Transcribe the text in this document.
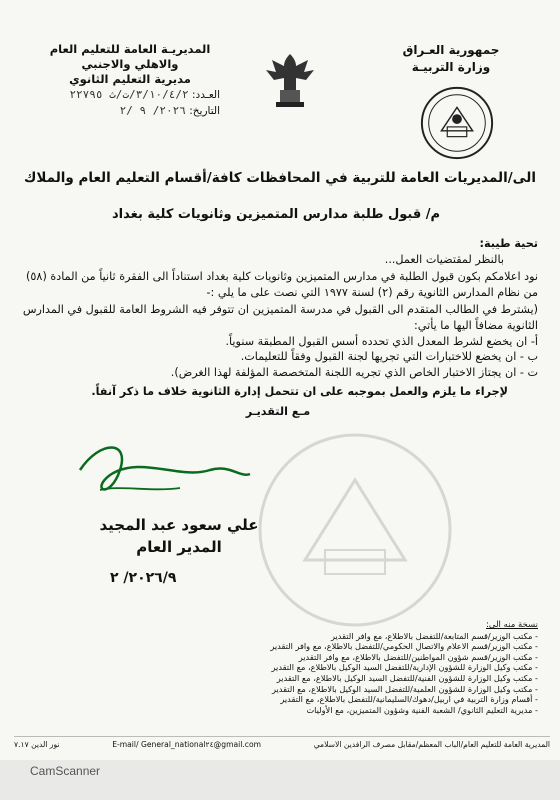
جمهورية العـراق
وزارة التربيـة
المديريـة العامة للتعليم العام
والاهلي والاجنبي
مديرية التعليم الثانوي
العـدد: ٣/١٠/٤/٢/ت/ث ٢٢٧٩٥
التاريخ: ٢٠٢٦/ ٩ /٢
الى/المديريات العامة للتربية في المحافظات كافة/أقسام التعليم العام والملاك
م/ قبول طلبة مدارس المتميزين وثانويات كلية بغداد

تحية طيبة:

بالنظر لمقتضيات العمل...

نود اعلامكم بكون قبول الطلبة في مدارس المتميزين وثانويات كلية بغداد استناداً الى الفقرة ثانياً من المادة (٥٨) من نظام المدارس الثانوية رقم (٢) لسنة ١٩٧٧ التي نصت على ما يلي :-

(يشترط في الطالب المتقدم الى القبول في مدرسة المتميزين ان تتوفر فيه الشروط العامة للقبول في المدارس الثانوية مضافاً اليها ما يأتي:

أ- ان يخضع لشرط المعدل الذي تحدده أسس القبول المطبقة سنوياً.

ب - ان يخضع للاختبارات التي تجريها لجنة القبول وفقاً للتعليمات.

ت - ان يجتاز الاختبار الخاص الذي تجريه اللجنة المتخصصة المؤلفة لهذا الغرض).

لإجراء ما يلزم والعمل بموجبه على ان تتحمل إدارة الثانوية خلاف ما ذكر آنفاً.

مـع التقديـر

علي سعود عبد المجيد
المدير العام
٢٠٢٦/٩/ ٢
نسخة منه الى:
- مكتب الوزير/قسم المتابعة/للتفضل بالاطلاع، مع وافر التقدير
- مكتب الوزير/قسم الاعلام والاتصال الحكومي/للتفضل بالاطلاع، مع وافر التقدير
- مكتب الوزير/قسم شؤون المواطنين/للتفضل بالاطلاع، مع وافر التقدير
- مكتب وكيل الوزارة للشؤون الإدارية/للتفضل السيد الوكيل بالاطلاع، مع التقدير
- مكتب وكيل الوزارة للشؤون الفنية/للتفضل السيد الوكيل بالاطلاع، مع التقدير
- مكتب وكيل الوزارة للشؤون العلمية/للتفضل السيد الوكيل بالاطلاع، مع التقدير
- أقسام وزارة التربية في اربيل/دهوك/السليمانية/للتفضل بالاطلاع، مع التقدير
- مديرية التعليم الثانوي/ الشعبة الفنية وشؤون المتميزين، مع الأوليات
المديرية العامة للتعليم العام/الباب المعظم/مقابل مصرف الرافدين الاسلامي
E-mail/ General_national٢٤@gmail.com
نور الدين ٧.١٧
CamScanner
